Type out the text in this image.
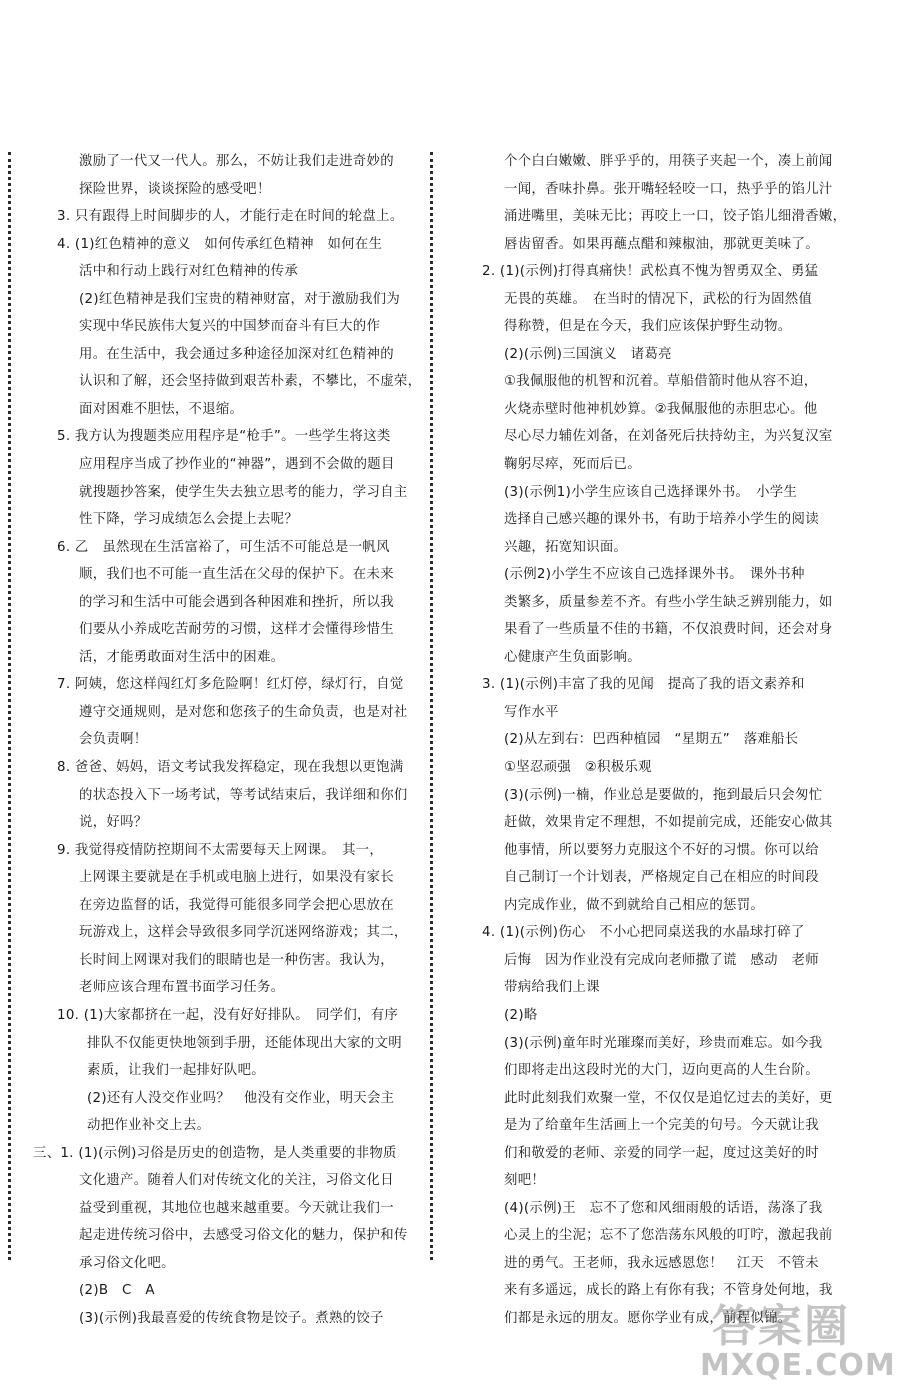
激励了一代又一代人。那么，不妨让我们走进奇妙的
探险世界，谈谈探险的感受吧！
3. 只有跟得上时间脚步的人，才能行走在时间的轮盘上。
4. (1)红色精神的意义　如何传承红色精神　如何在生
活中和行动上践行对红色精神的传承
(2)红色精神是我们宝贵的精神财富，对于激励我们为
实现中华民族伟大复兴的中国梦而奋斗有巨大的作
用。在生活中，我会通过多种途径加深对红色精神的
认识和了解，还会坚持做到艰苦朴素，不攀比，不虚荣，
面对困难不胆怯，不退缩。
5. 我方认为搜题类应用程序是“枪手”。一些学生将这类
应用程序当成了抄作业的“神器”，遇到不会做的题目
就搜题抄答案，使学生失去独立思考的能力，学习自主
性下降，学习成绩怎么会提上去呢？
6. 乙　虽然现在生活富裕了，可生活不可能总是一帆风
顺，我们也不可能一直生活在父母的保护下。在未来
的学习和生活中可能会遇到各种困难和挫折，所以我
们要从小养成吃苦耐劳的习惯，这样才会懂得珍惜生
活，才能勇敢面对生活中的困难。
7. 阿姨，您这样闯红灯多危险啊！红灯停，绿灯行，自觉
遵守交通规则，是对您和您孩子的生命负责，也是对社
会负责啊！
8. 爸爸、妈妈，语文考试我发挥稳定，现在我想以更饱满
的状态投入下一场考试，等考试结束后，我详细和你们
说，好吗？
9. 我觉得疫情防控期间不太需要每天上网课。　其一，
上网课主要就是在手机或电脑上进行，如果没有家长
在旁边监督的话，我觉得可能很多同学会把心思放在
玩游戏上，这样会导致很多同学沉迷网络游戏；其二，
长时间上网课对我们的眼睛也是一种伤害。我认为，
老师应该合理布置书面学习任务。
10. (1)大家都挤在一起，没有好好排队。　同学们，有序
排队不仅能更快地领到手册，还能体现出大家的文明
素质，让我们一起排好队吧。
(2)还有人没交作业吗？　他没有交作业，明天会主
动把作业补交上去。
三、1. (1)(示例)习俗是历史的创造物，是人类重要的非物质
文化遗产。随着人们对传统文化的关注，习俗文化日
益受到重视，其地位也越来越重要。今天就让我们一
起走进传统习俗中，去感受习俗文化的魅力，保护和传
承习俗文化吧。
(2)B　C　A
(3)(示例)我最喜爱的传统食物是饺子。煮熟的饺子
个个白白嫩嫩、胖乎乎的，用筷子夹起一个，凑上前闻
一闻，香味扑鼻。张开嘴轻轻咬一口，热乎乎的馅儿汁
涌进嘴里，美味无比；再咬上一口，饺子馅儿细滑香嫩，
唇齿留香。如果再蘸点醋和辣椒油，那就更美味了。
2. (1)(示例)打得真痛快！武松真不愧为智勇双全、勇猛
无畏的英雄。　在当时的情况下，武松的行为固然值
得称赞，但是在今天，我们应该保护野生动物。
(2)(示例)三国演义　诸葛亮
①我佩服他的机智和沉着。草船借箭时他从容不迫，
火烧赤壁时他神机妙算。②我佩服他的赤胆忠心。他
尽心尽力辅佐刘备，在刘备死后扶持幼主，为兴复汉室
鞠躬尽瘁，死而后已。
(3)(示例1)小学生应该自己选择课外书。　小学生
选择自己感兴趣的课外书，有助于培养小学生的阅读
兴趣，拓宽知识面。
(示例2)小学生不应该自己选择课外书。　课外书种
类繁多，质量参差不齐。有些小学生缺乏辨别能力，如
果看了一些质量不佳的书籍，不仅浪费时间，还会对身
心健康产生负面影响。
3. (1)(示例)丰富了我的见闻　提高了我的语文素养和
写作水平
(2)从左到右：巴西种植园　“星期五”　落难船长
①坚忍顽强　②积极乐观
(3)(示例)一楠，作业总是要做的，拖到最后只会匆忙
赶做，效果肯定不理想，不如提前完成，还能安心做其
他事情，所以要努力克服这个不好的习惯。你可以给
自己制订一个计划表，严格规定自己在相应的时间段
内完成作业，做不到就给自己相应的惩罚。
4. (1)(示例)伤心　不小心把同桌送我的水晶球打碎了
后悔　因为作业没有完成向老师撒了谎　感动　老师
带病给我们上课
(2)略
(3)(示例)童年时光璀璨而美好，珍贵而难忘。如今我
们即将走出这段时光的大门，迈向更高的人生台阶。
此时此刻我们欢聚一堂，不仅仅是追忆过去的美好，更
是为了给童年生活画上一个完美的句号。今天就让我
们和敬爱的老师、亲爱的同学一起，度过这美好的时
刻吧！
(4)(示例)王　忘不了您和风细雨般的话语，荡涤了我
心灵上的尘泥；忘不了您浩荡东风般的叮咛，激起我前
进的勇气。王老师，我永远感恩您！　江天　不管未
来有多遥远，成长的路上有你有我；不管身处何地，我
们都是永远的朋友。愿你学业有成，前程似锦。
答案圈
MXQE.COM
